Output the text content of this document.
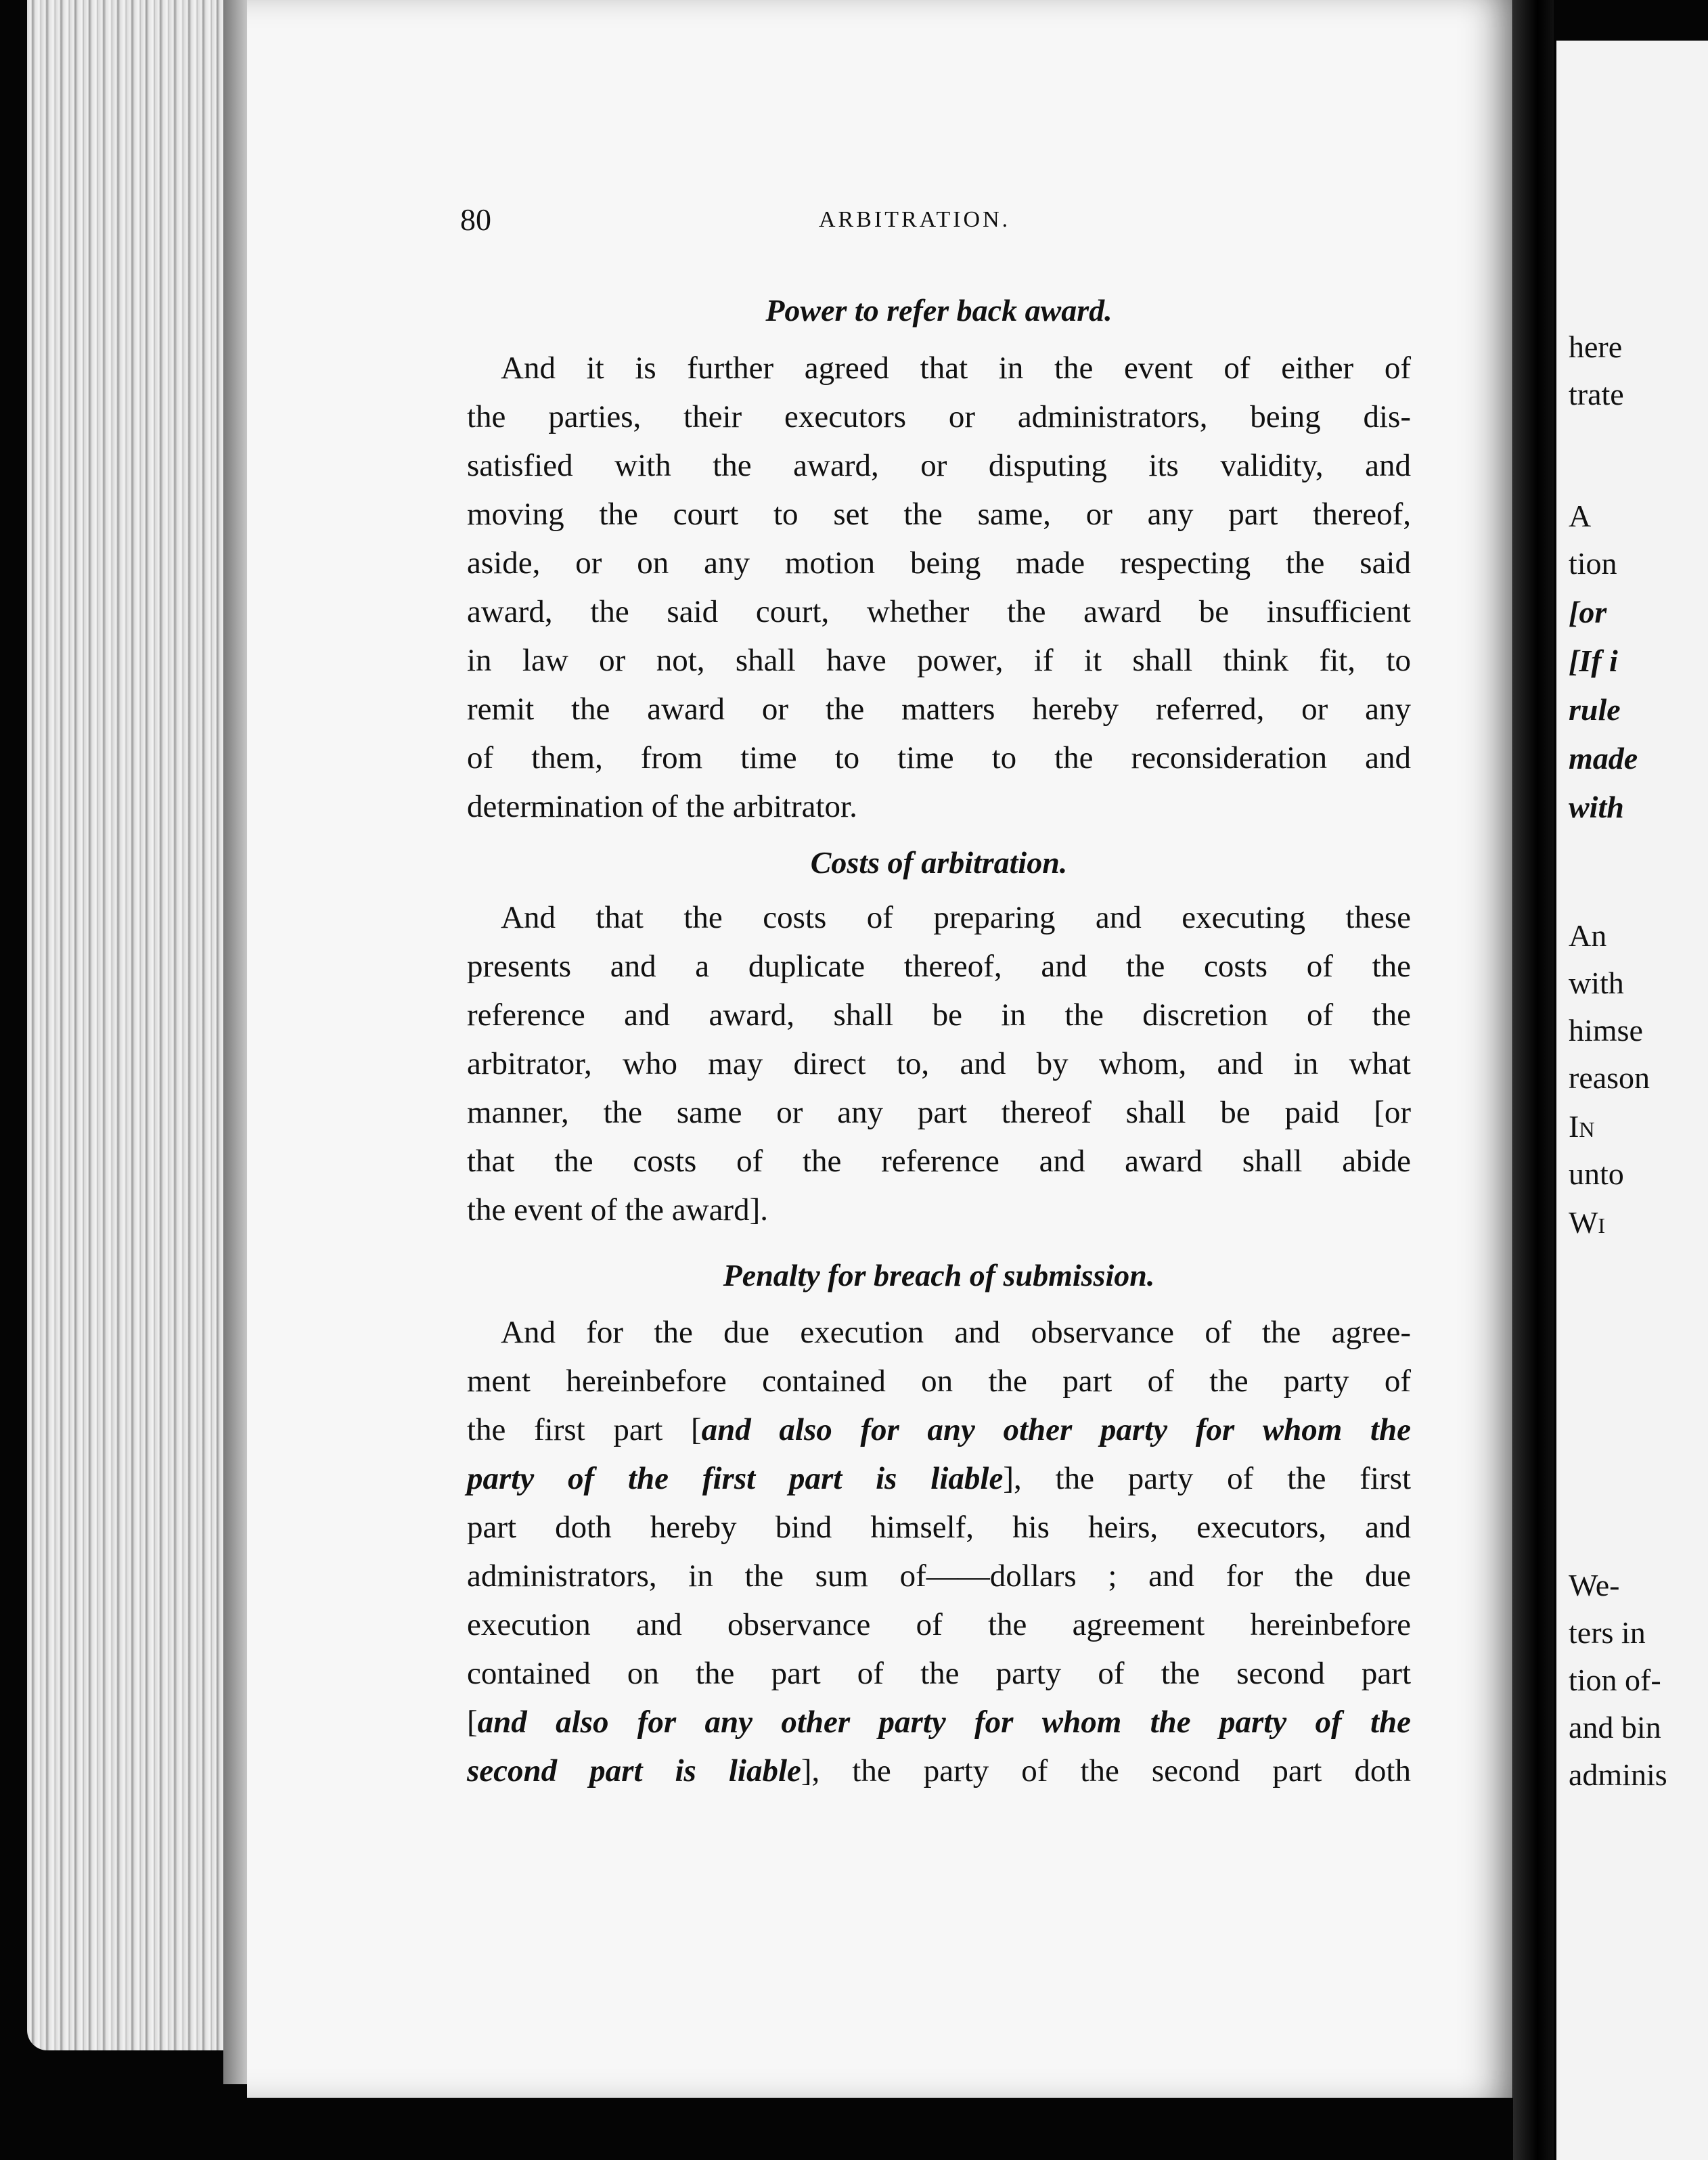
80	ARBITRATION.
Power to refer back award.
And it is further agreed that in the event of either of
the parties, their executors or administrators, being dis-
satisfied with the award, or disputing its validity, and
moving the court to set the same, or any part thereof,
aside, or on any motion being made respecting the said
award, the said court, whether the award be insufficient
in law or not, shall have power, if it shall think fit, to
remit the award or the matters hereby referred, or any
of them, from time to time to the reconsideration and
determination of the arbitrator.
Costs of arbitration.
And that the costs of preparing and executing these
presents and a duplicate thereof, and the costs of the
reference and award, shall be in the discretion of the
arbitrator, who may direct to, and by whom, and in what
manner, the same or any part thereof shall be paid [or
that the costs of the reference and award shall abide
the event of the award].
Penalty for breach of submission.
And for the due execution and observance of the agree-
ment hereinbefore contained on the part of the party of
the first part [and also for any other party for whom the
party of the first part is liable], the party of the first
part doth hereby bind himself, his heirs, executors, and
administrators, in the sum of——dollars ; and for the due
execution and observance of the agreement hereinbefore
contained on the part of the party of the second part
[and also for any other party for whom the party of the
second part is liable], the party of the second part doth
here
trate
A
tion
[or
[If i
rule
made
with
An
with
himse
reason
In
unto
Wi
We-
ters in
tion of-
and bin
adminis
